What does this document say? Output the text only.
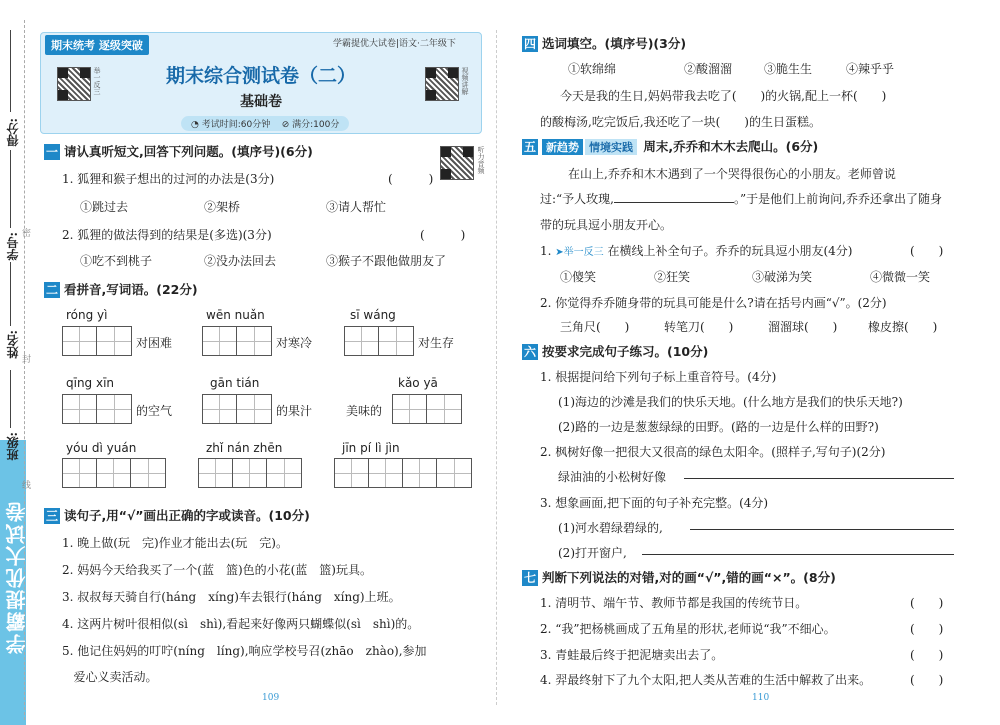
得分:
学号:
姓名:
班级:
密
封
线
学霸提优大试卷
期末统考 逐级突破	学霸提优大试卷|语文·二年级下
举一反三	视频讲解
期末综合测试卷（二）
基础卷
◔ 考试时间:60分钟 ⊘ 满分:100分
听力音频
一 请认真听短文,回答下列问题。(填序号)(6分)
1. 狐狸和猴子想出的过河的办法是(3分)	(　　　)
①跳过去	②架桥	③请人帮忙
2. 狐狸的做法得到的结果是(多选)(3分)	(　　　)
①吃不到桃子	②没办法回去	③猴子不跟他做朋友了
二 看拼音,写词语。(22分)
róng yì
对困难
wēn nuǎn
对寒冷
sī wáng
对生存
qīng xīn
的空气
gān tián
的果汁	美味的
kǎo yā
yóu dì yuán	zhǐ nán zhēn	jīn pí lì jìn
三 读句子,用“√”画出正确的字或读音。(10分)
1. 晚上做(玩　完)作业才能出去(玩　完)。
2. 妈妈今天给我买了一个(蓝　篮)色的小花(蓝　篮)玩具。
3. 叔叔每天骑自行(háng　xíng)车去银行(háng　xíng)上班。
4. 这两片树叶很相似(sì　shì),看起来好像两只蝴蝶似(sì　shì)的。
5. 他记住妈妈的叮咛(níng　líng),响应学校号召(zhāo　zhào),参加
爱心义卖活动。
109
四 选词填空。(填序号)(3分)
①软绵绵	②酸溜溜	③脆生生	④辣乎乎
今天是我的生日,妈妈带我去吃了(　　)的火锅,配上一杯(　　)
的酸梅汤,吃完饭后,我还吃了一块(　　)的生日蛋糕。
五 新趋势 情境实践 周末,乔乔和木木去爬山。(6分)
在山上,乔乔和木木遇到了一个哭得很伤心的小朋友。老师曾说
过:“予人玫瑰,	。”于是他们上前询问,乔乔还拿出了随身
带的玩具逗小朋友开心。
1. ➤举一反三 在横线上补全句子。乔乔的玩具逗小朋友(4分)	(　　)
①傻笑	②狂笑	③破涕为笑	④微微一笑
2. 你觉得乔乔随身带的玩具可能是什么?请在括号内画“√”。(2分)
三角尺(　　)	转笔刀(　　)	溜溜球(　　)	橡皮擦(　　)
六 按要求完成句子练习。(10分)
1. 根据提问给下列句子标上重音符号。(4分)
(1)海边的沙滩是我们的快乐天地。(什么地方是我们的快乐天地?)
(2)路的一边是葱葱绿绿的田野。(路的一边是什么样的田野?)
2. 枫树好像一把很大又很高的绿色太阳伞。(照样子,写句子)(2分)
绿油油的小松树好像
3. 想象画面,把下面的句子补充完整。(4分)
(1)河水碧绿碧绿的,
(2)打开窗户,
七 判断下列说法的对错,对的画“√”,错的画“×”。(8分)
1. 清明节、端午节、教师节都是我国的传统节日。	(　　)
2. “我”把杨桃画成了五角星的形状,老师说“我”不细心。	(　　)
3. 青蛙最后终于把泥塘卖出去了。	(　　)
4. 羿最终射下了九个太阳,把人类从苦难的生活中解救了出来。	(　　)
110
